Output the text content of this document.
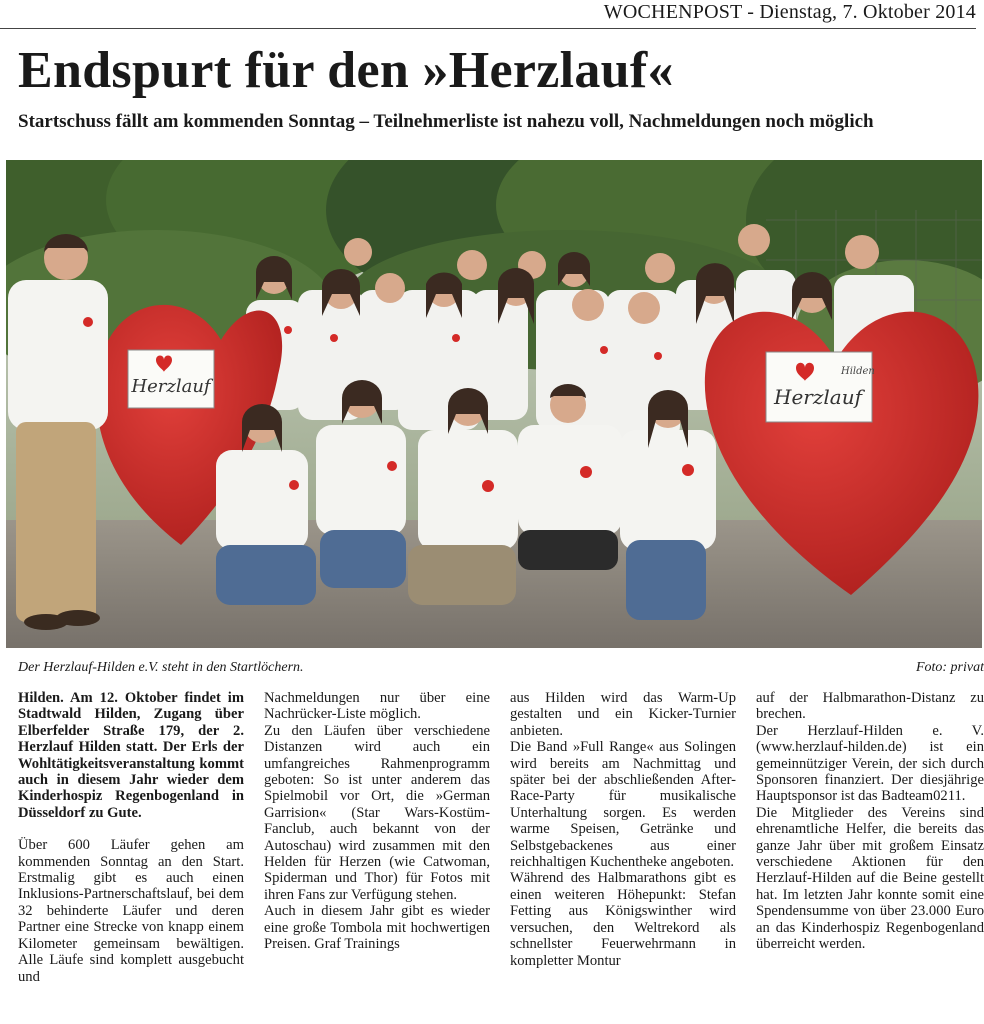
WOCHENPOST - Dienstag, 7. Oktober 2014
Endspurt für den »Herzlauf«
Startschuss fällt am kommenden Sonntag – Teilnehmerliste ist nahezu voll, Nachmeldungen noch möglich
Herzlauf
Hilden
Herzlauf
Der Herzlauf-Hilden e.V. steht in den Startlöchern.	Foto: privat

Hilden. Am 12. Oktober findet im Stadtwald Hilden, Zugang über Elberfelder Straße 179, der 2. Herzlauf Hilden statt. Der Erls der Wohltätigkeitsveranstaltung kommt auch in diesem Jahr wieder dem Kinderhospiz Regenbogenland in Düsseldorf zu Gute.

Über 600 Läufer gehen am kommenden Sonntag an den Start. Erstmalig gibt es auch einen Inklusions-Partnerschaftslauf, bei dem 32 behinderte Läufer und deren Partner eine Strecke von knapp einem Kilometer gemeinsam bewältigen. Alle Läufe sind komplett ausgebucht und

Nachmeldungen nur über eine Nachrücker-Liste möglich.

Zu den Läufen über verschiedene Distanzen wird auch ein umfangreiches Rahmenprogramm geboten: So ist unter anderem das Spielmobil vor Ort, die »German Garrision« (Star Wars-Kostüm-Fanclub, auch bekannt von der Autoschau) wird zusammen mit den Helden für Herzen (wie Catwoman, Spiderman und Thor) für Fotos mit ihren Fans zur Verfügung stehen.

Auch in diesem Jahr gibt es wieder eine große Tombola mit hochwertigen Preisen. Graf Trainings

aus Hilden wird das Warm-Up gestalten und ein Kicker-Turnier anbieten.

Die Band »Full Range« aus Solingen wird bereits am Nachmittag und später bei der abschließenden After-Race-Party für musikalische Unterhaltung sorgen. Es werden warme Speisen, Getränke und Selbstgebackenes aus einer reichhaltigen Kuchentheke angeboten.

Während des Halbmarathons gibt es einen weiteren Höhepunkt: Stefan Fetting aus Königswinther wird versuchen, den Weltrekord als schnellster Feuerwehrmann in kompletter Montur

auf der Halbmarathon-Distanz zu brechen.

Der Herzlauf-Hilden e. V. (www.herzlauf-hilden.de) ist ein gemeinnütziger Verein, der sich durch Sponsoren finanziert. Der diesjährige Hauptsponsor ist das Badteam0211.

Die Mitglieder des Vereins sind ehrenamtliche Helfer, die bereits das ganze Jahr über mit großem Einsatz verschiedene Aktionen für den Herzlauf-Hilden auf die Beine gestellt hat. Im letzten Jahr konnte somit eine Spendensumme von über 23.000 Euro an das Kinderhospiz Regenbogenland überreicht werden.
